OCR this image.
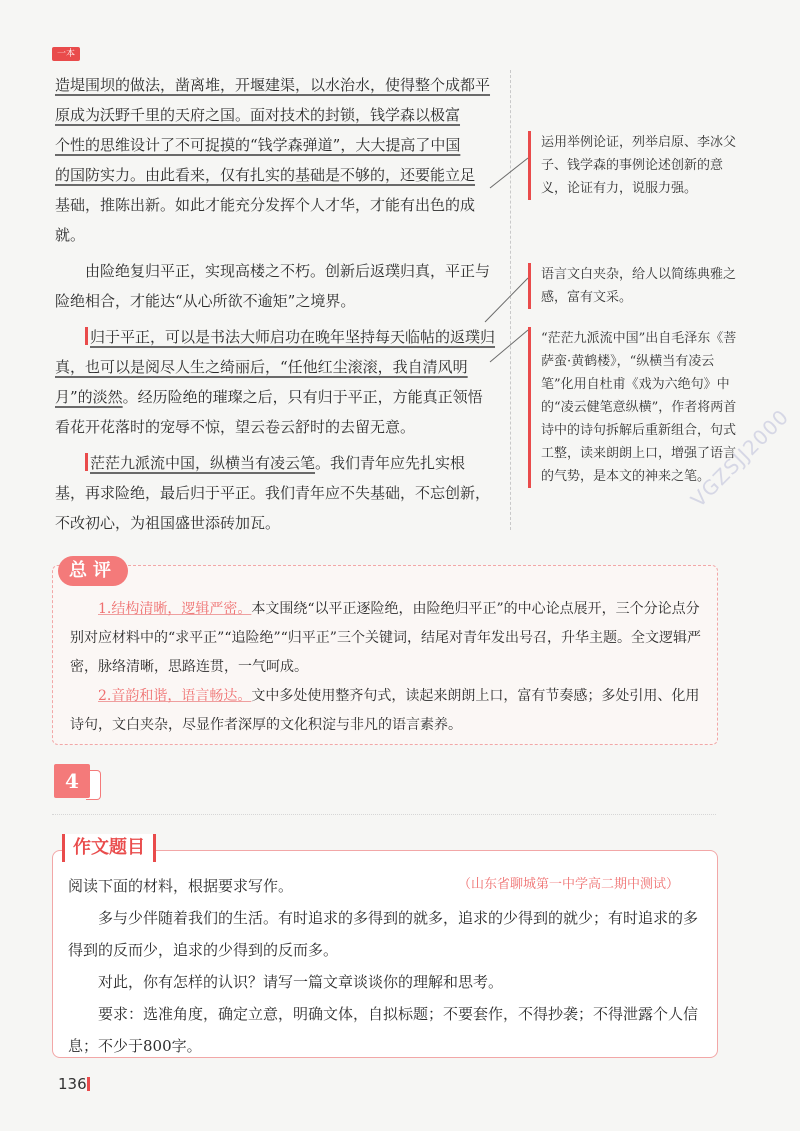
一本

造堤围坝的做法，凿离堆，开堰建渠，以水治水，使得整个成都平

原成为沃野千里的天府之国。面对技术的封锁，钱学森以极富

个性的思维设计了不可捉摸的“钱学森弹道”，大大提高了中国

的国防实力。由此看来，仅有扎实的基础是不够的，还要能立足

基础，推陈出新。如此才能充分发挥个人才华，才能有出色的成就。

由险绝复归平正，实现高楼之不朽。创新后返璞归真，平正与险绝相合，才能达“从心所欲不逾矩”之境界。

归于平正，可以是书法大师启功在晚年坚持每天临帖的返璞归真，也可以是阅尽人生之绮丽后，“任他红尘滚滚，我自清风明月”的淡然。经历险绝的璀璨之后，只有归于平正，方能真正领悟看花开花落时的宠辱不惊，望云卷云舒时的去留无意。

茫茫九派流中国，纵横当有凌云笔。我们青年应先扎实根基，再求险绝，最后归于平正。我们青年应不失基础，不忘创新，不改初心，为祖国盛世添砖加瓦。

运用举例论证，列举启原、李冰父子、钱学森的事例论述创新的意义，论证有力，说服力强。
语言文白夹杂，给人以简练典雅之感，富有文采。
“茫茫九派流中国”出自毛泽东《菩萨蛮·黄鹤楼》，“纵横当有凌云笔”化用自杜甫《戏为六绝句》中的“凌云健笔意纵横”，作者将两首诗中的诗句拆解后重新组合，句式工整，读来朗朗上口，增强了语言的气势，是本文的神来之笔。
VGZSJJ2000
总评

1.结构清晰，逻辑严密。本文围绕“以平正逐险绝，由险绝归平正”的中心论点展开，三个分论点分别对应材料中的“求平正”“追险绝”“归平正”三个关键词，结尾对青年发出号召，升华主题。全文逻辑严密，脉络清晰，思路连贯，一气呵成。

2.音韵和谐，语言畅达。文中多处使用整齐句式，读起来朗朗上口，富有节奏感；多处引用、化用诗句，文白夹杂，尽显作者深厚的文化积淀与非凡的语言素养。

4
作文题目

阅读下面的材料，根据要求写作。

多与少伴随着我们的生活。有时追求的多得到的就多，追求的少得到的就少；有时追求的多得到的反而少，追求的少得到的反而多。

对此，你有怎样的认识？请写一篇文章谈谈你的理解和思考。

要求：选准角度，确定立意，明确文体，自拟标题；不要套作，不得抄袭；不得泄露个人信息；不少于800字。

（山东省聊城第一中学高二期中测试）
136
